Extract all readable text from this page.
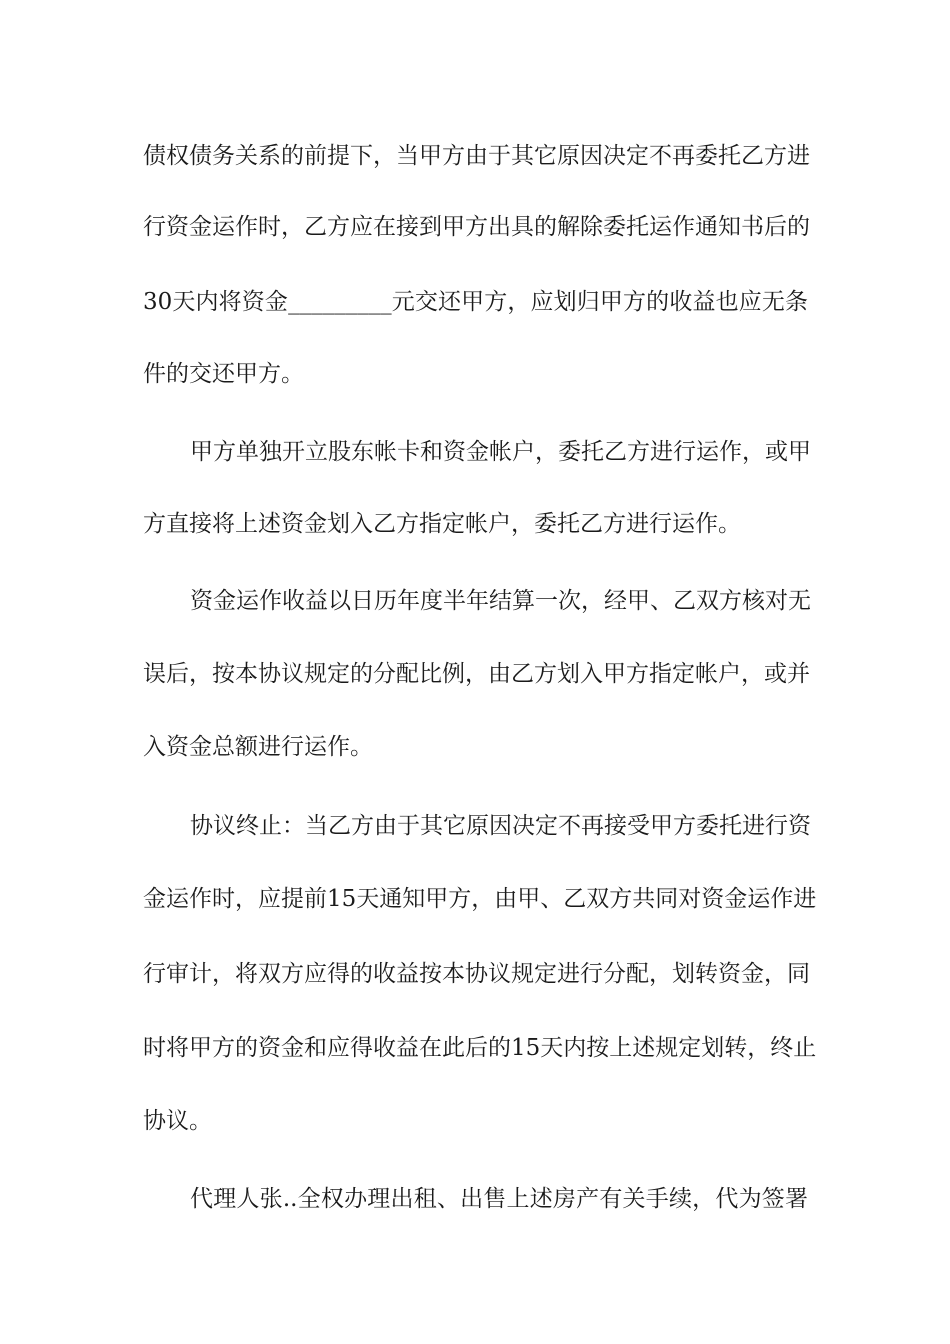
债权债务关系的前提下，当甲方由于其它原因决定不再委托乙方进
行资金运作时，乙方应在接到甲方出具的解除委托运作通知书后的
30天内将资金_________元交还甲方，应划归甲方的收益也应无条
件的交还甲方。
甲方单独开立股东帐卡和资金帐户，委托乙方进行运作，或甲
方直接将上述资金划入乙方指定帐户，委托乙方进行运作。
资金运作收益以日历年度半年结算一次，经甲、乙双方核对无
误后，按本协议规定的分配比例，由乙方划入甲方指定帐户，或并
入资金总额进行运作。
协议终止：当乙方由于其它原因决定不再接受甲方委托进行资
金运作时，应提前15天通知甲方，由甲、乙双方共同对资金运作进
行审计，将双方应得的收益按本协议规定进行分配，划转资金，同
时将甲方的资金和应得收益在此后的15天内按上述规定划转，终止
协议。
代理人张..全权办理出租、出售上述房产有关手续，代为签署
